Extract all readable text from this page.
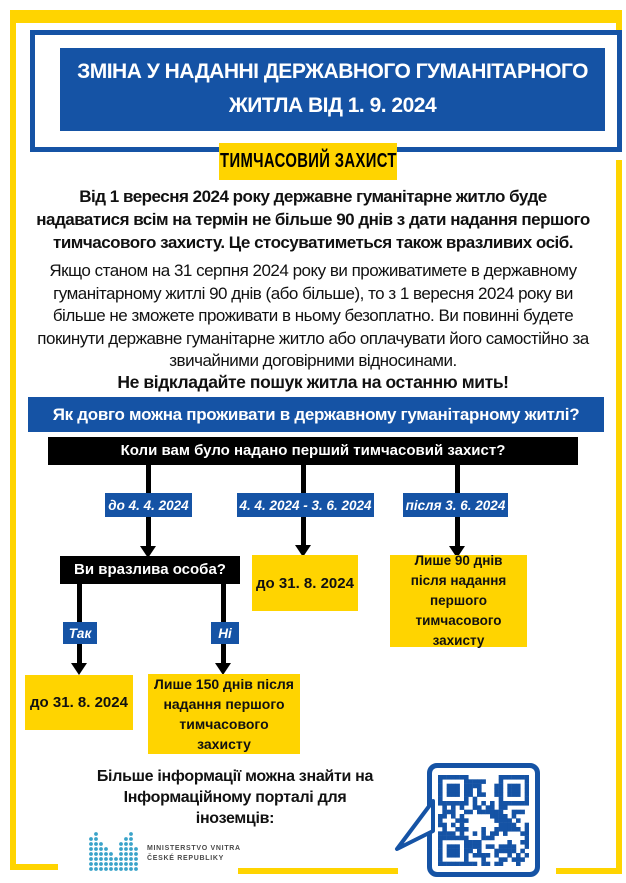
ЗМІНА У НАДАННІ ДЕРЖАВНОГО ГУМАНІТАРНОГО ЖИТЛА ВІД 1. 9. 2024
ТИМЧАСОВИЙ ЗАХИСТ

Від 1 вересня 2024 року державне гуманітарне житло буде надаватися всім на термін не більше 90 днів з дати надання першого тимчасового захисту. Це стосуватиметься також вразливих осіб.

Якщо станом на 31 серпня 2024 року ви проживатимете в державному гуманітарному житлі 90 днів (або більше), то з 1 вересня 2024 року ви більше не зможете проживати в ньому безоплатно. Ви повинні будете покинути державне гуманітарне житло або оплачувати його самостійно за звичайними договірними відносинами.

Не відкладайте пошук житла на останню мить!

Як довго можна проживати в державному гуманітарному житлі?
Коли вам було надано перший тимчасовий захист?
до 4. 4. 2024	4. 4. 2024 - 3. 6. 2024	після 3. 6. 2024
Ви вразлива особа?
до 31. 8. 2024
Лише 90 днів після надання першого тимчасового захисту
Так	Ні
до 31. 8. 2024
Лише 150 днів після надання першого тимчасового захисту

Більше інформації можна знайти на Інформаційному порталі для іноземців:

MINISTERSTVO VNITRA
ČESKÉ REPUBLIKY
